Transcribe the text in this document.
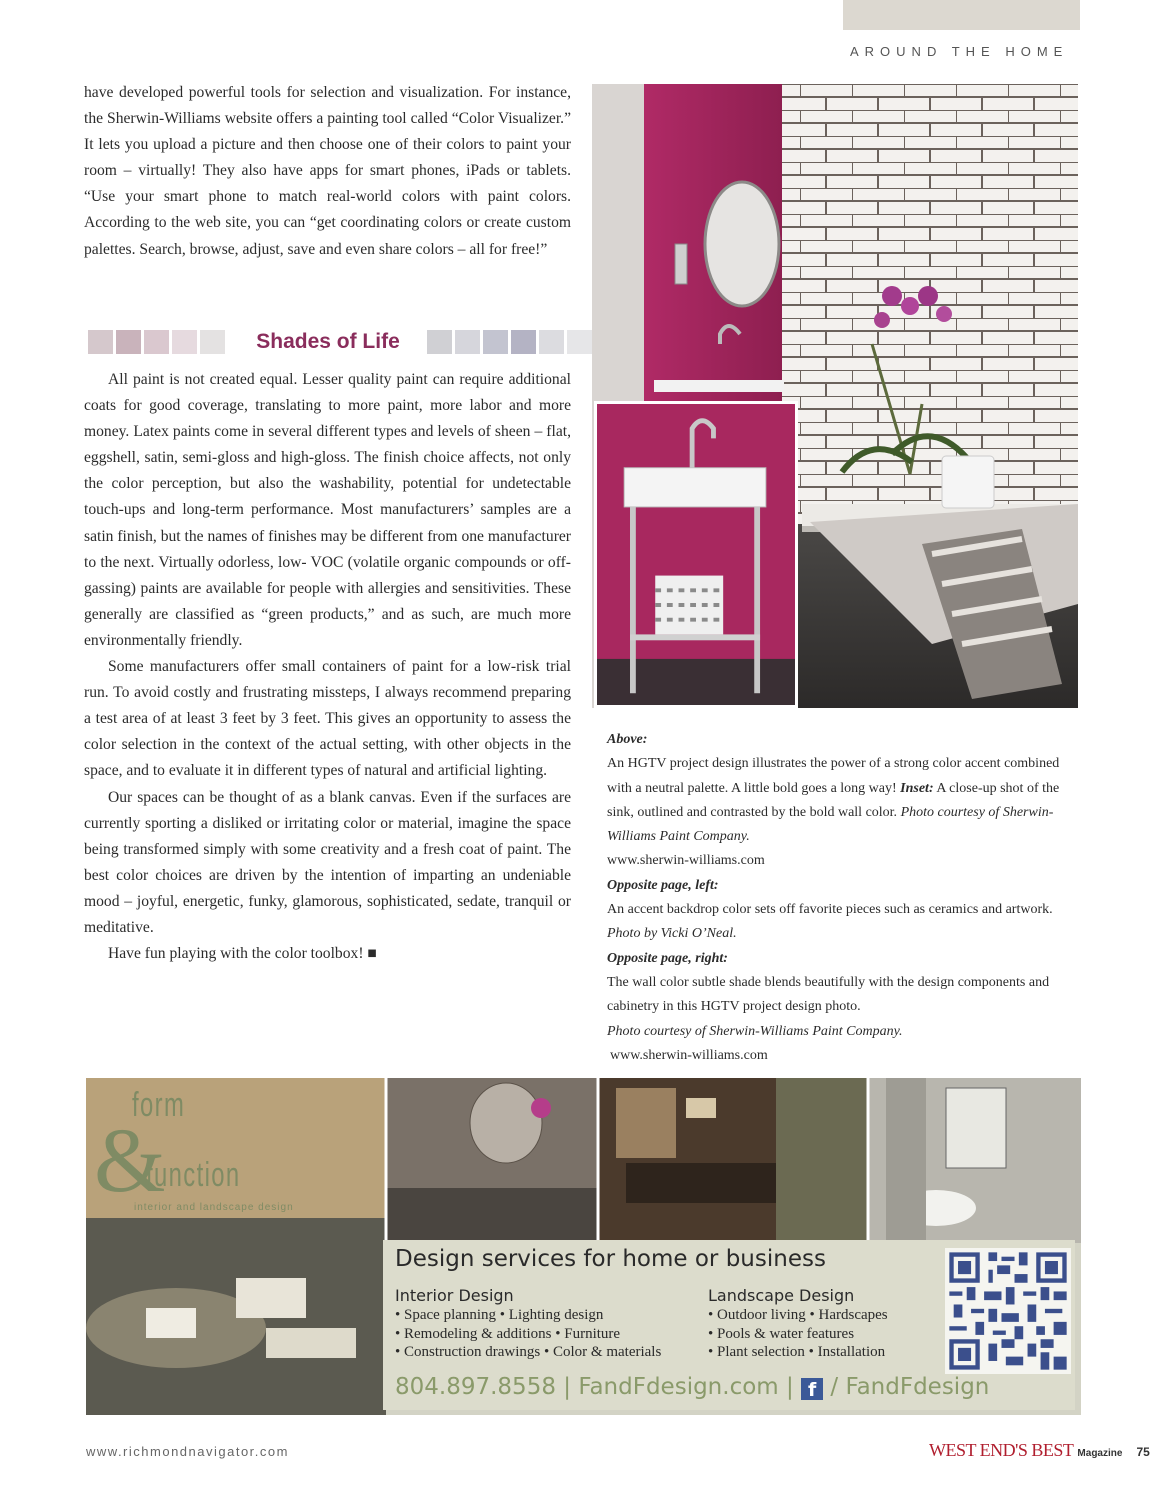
AROUND THE HOME

have developed powerful tools for selection and visualization. For instance, the Sherwin-Williams website offers a painting tool called “Color Visualizer.” It lets you upload a picture and then choose one of their colors to paint your room – virtually! They also have apps for smart phones, iPads or tablets. “Use your smart phone to match real-world colors with paint colors. According to the web site, you can “get coordinating colors or create custom palettes. Search, browse, adjust, save and even share colors – all for free!”

Shades of Life

All paint is not created equal. Lesser quality paint can require additional coats for good coverage, translating to more paint, more labor and more money. Latex paints come in several different types and levels of sheen – flat, eggshell, satin, semi-gloss and high-gloss. The finish choice affects, not only the color perception, but also the washability, potential for undetectable touch-ups and long-term performance. Most manufacturers’ samples are a satin finish, but the names of finishes may be different from one manufacturer to the next. Virtually odorless, low- VOC (volatile organic compounds or off-gassing) paints are available for people with allergies and sensitivities. These generally are classified as “green products,” and as such, are much more environmentally friendly.

Some manufacturers offer small containers of paint for a low-risk trial run. To avoid costly and frustrating missteps, I always recommend preparing a test area of at least 3 feet by 3 feet. This gives an opportunity to assess the color selection in the context of the actual setting, with other objects in the space, and to evaluate it in different types of natural and artificial lighting.

Our spaces can be thought of as a blank canvas. Even if the surfaces are currently sporting a disliked or irritating color or material, imagine the space being transformed simply with some creativity and a fresh coat of paint. The best color choices are driven by the intention of imparting an undeniable mood – joyful, energetic, funky, glamorous, sophisticated, sedate, tranquil or meditative.

Have fun playing with the color toolbox! ■

Above:
An HGTV project design illustrates the power of a strong color accent combined with a neutral palette. A little bold goes a long way! Inset: A close-up shot of the sink, outlined and contrasted by the bold wall color. Photo courtesy of Sherwin-Williams Paint Company.
www.sherwin-williams.com
Opposite page, left:
An accent backdrop color sets off favorite pieces such as ceramics and artwork. Photo by Vicki O’Neal.
Opposite page, right:
The wall color subtle shade blends beautifully with the design components and cabinetry in this HGTV project design photo.
Photo courtesy of Sherwin-Williams Paint Company.
www.sherwin-williams.com
form
&
function
interior and landscape design
Design services for home or business
Interior Design
• Space planning • Lighting design
• Remodeling & additions • Furniture
• Construction drawings • Color & materials
Landscape Design
• Outdoor living • Hardscapes
• Pools & water features
• Plant selection • Installation
804.897.8558 | FandFdesign.com | f / FandFdesign
www.richmondnavigator.com	WEST END'S BEST Magazine 75
